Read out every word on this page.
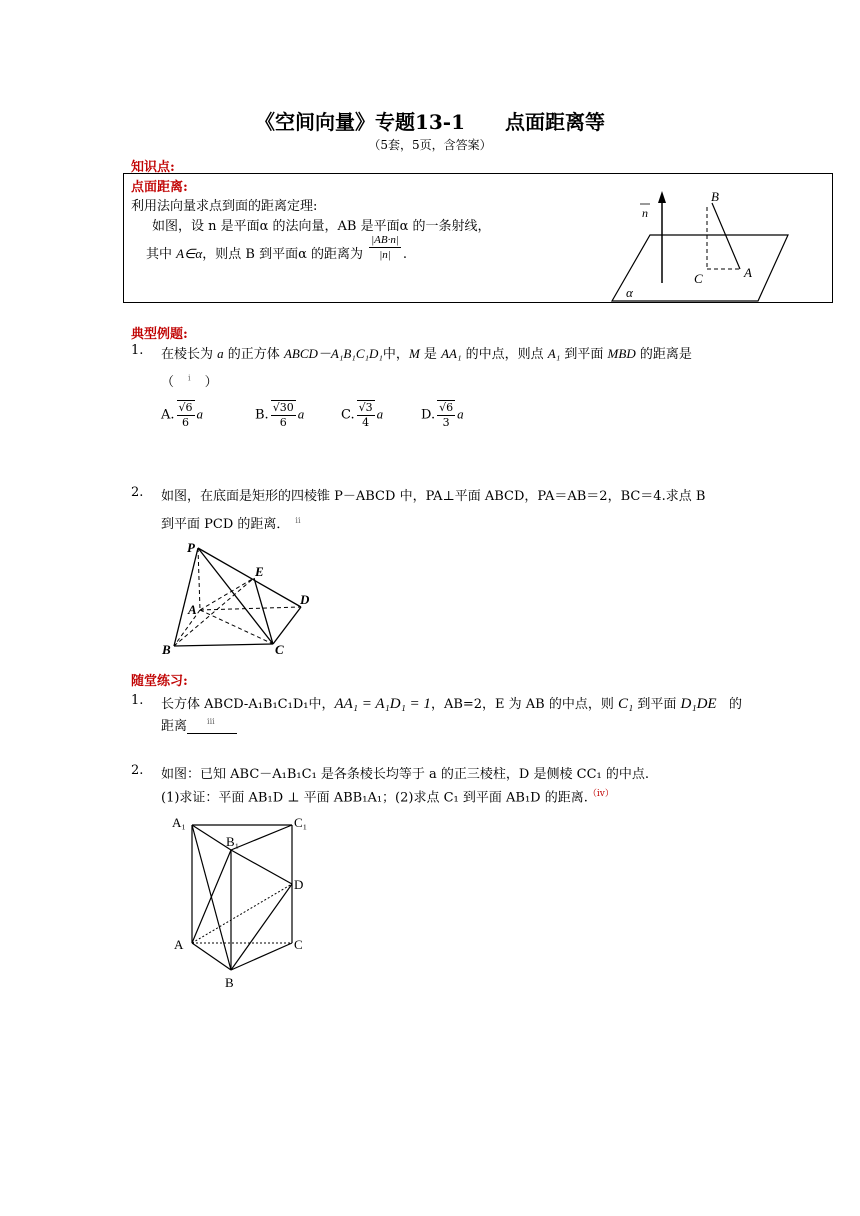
《空间向量》专题13-1　　点面距离等
（5套，5页，含答案）
知识点:
点面距离:
利用法向量求点到面的距离定理:
如图，设 n 是平面α 的法向量，AB 是平面α 的一条射线，
其中 A∈α，则点 B 到平面α 的距离为 $\frac{|AB\cdot n|}{|n|}$ .
n
B
C	A
α
典型例题:
1. 在棱长为 a 的正方体 ABCD－A₁B₁C₁D₁中，M 是 AA₁ 的中点，则点 A₁ 到平面 MBD 的距离是
（ $^i$ ）
A. $\frac{√6}{6}$ a	B. $\frac{√30}{6}$ a	C. $\frac{√3}{4}$ a	D. $\frac{√6}{3}$ a
2. 如图，在底面是矩形的四棱锥 P－ABCD 中，PA⊥平面 ABCD，PA＝AB＝2，BC＝4.求点 B
到平面 PCD 的距离． $^{ii}$
P
E
A
D
B	C
随堂练习:
1. 长方体 ABCD-A₁B₁C₁D₁中，AA₁ = A₁D₁ = 1，AB=2，E 为 AB 的中点，则 C₁ 到平面 D₁DE 的
距离	iii
2. 如图：已知 ABC－A₁B₁C₁ 是各条棱长均等于 a 的正三棱柱，D 是侧棱 CC₁ 的中点.
(1)求证：平面 AB₁D ⊥ 平面 ABB₁A₁；(2)求点 C₁ 到平面 AB₁D 的距离.$^{(iv)}$
A₁	C₁
B₁
D
A	C
B
